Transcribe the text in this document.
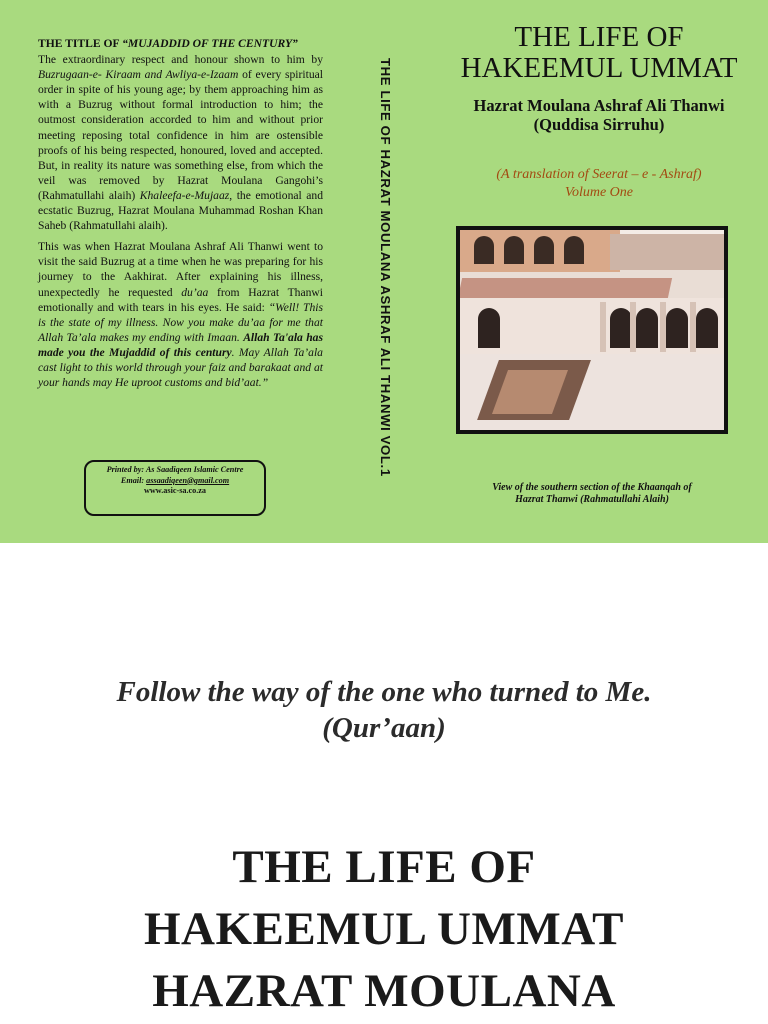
THE TITLE OF “MUJADDID OF THE CENTURY”

The extraordinary respect and honour shown to him by Buzrugaan-e- Kiraam and Awliya-e-Izaam of every spiritual order in spite of his young age; by them approaching him as with a Buzrug without formal introduction to him; the outmost consideration accorded to him and without prior meeting reposing total confidence in him are ostensible proofs of his being respected, honoured, loved and accepted. But, in reality its nature was something else, from which the veil was removed by Hazrat Moulana Gangohi’s (Rahmatullahi alaih) Khaleefa-e-Mujaaz, the emotional and ecstatic Buzrug, Hazrat Moulana Muhammad Roshan Khan Saheb (Rahmatullahi alaih).

This was when Hazrat Moulana Ashraf Ali Thanwi went to visit the said Buzrug at a time when he was preparing for his journey to the Aakhirat. After explaining his illness, unexpectedly he requested du’aa from Hazrat Thanwi emotionally and with tears in his eyes. He said: “Well! This is the state of my illness. Now you make du’aa for me that Allah Ta’ala makes my ending with Imaan. Allah Ta'ala has made you the Mujaddid of this century. May Allah Ta’ala cast light to this world through your faiz and barakaat and at your hands may He uproot customs and bid’aat.”

Printed by: As Saadiqeen Islamic Centre
Email: assaadiqeen@gmail.com
www.asic-sa.co.za
THE LIFE OF HAZRAT MOULANA ASHRAF ALI THANWI VOL.1
THE LIFE OF
HAKEEMUL UMMAT
Hazrat Moulana Ashraf Ali Thanwi
(Quddisa Sirruhu)
(A translation of Seerat – e - Ashraf)
Volume One
View of the southern section of the Khaanqah of
Hazrat Thanwi (Rahmatullahi Alaih)
Follow the way of the one who turned to Me.
(Qur’aan)
THE LIFE OF
HAKEEMUL UMMAT
HAZRAT MOULANA
